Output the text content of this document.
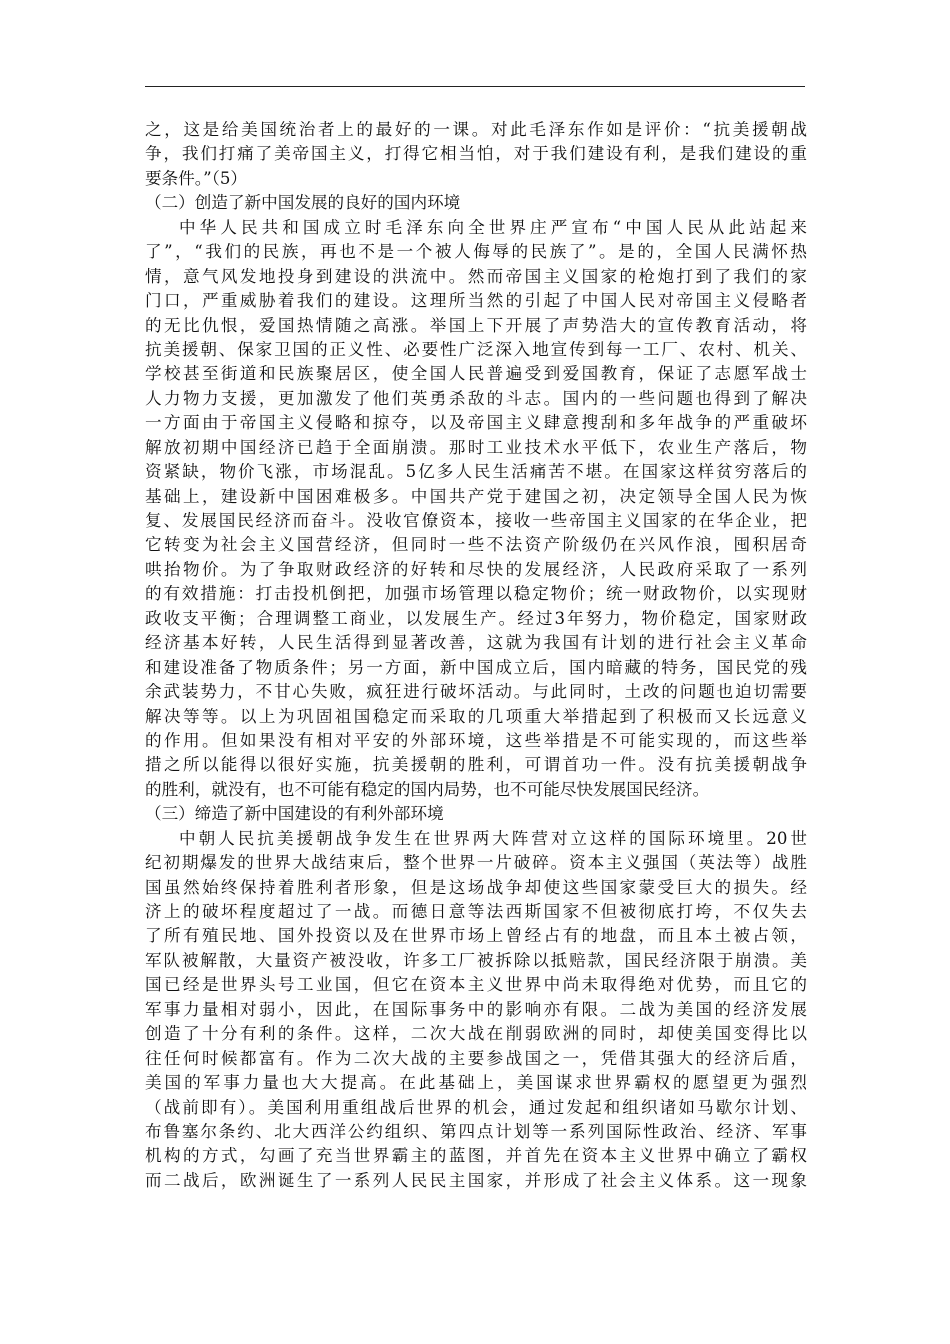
之，这是给美国统治者上的最好的一课。对此毛泽东作如是评价：“抗美援朝战
争，我们打痛了美帝国主义，打得它相当怕，对于我们建设有利，是我们建设的重
要条件。”（5）
（二）创造了新中国发展的良好的国内环境
中华人民共和国成立时毛泽东向全世界庄严宣布“中国人民从此站起来
了”，“我们的民族，再也不是一个被人侮辱的民族了”。是的，全国人民满怀热
情，意气风发地投身到建设的洪流中。然而帝国主义国家的枪炮打到了我们的家
门口，严重威胁着我们的建设。这理所当然的引起了中国人民对帝国主义侵略者
的无比仇恨，爱国热情随之高涨。举国上下开展了声势浩大的宣传教育活动，将
抗美援朝、保家卫国的正义性、必要性广泛深入地宣传到每一工厂、农村、机关、
学校甚至街道和民族聚居区，使全国人民普遍受到爱国教育，保证了志愿军战士
人力物力支援，更加激发了他们英勇杀敌的斗志。国内的一些问题也得到了解决
一方面由于帝国主义侵略和掠夺，以及帝国主义肆意搜刮和多年战争的严重破坏
解放初期中国经济已趋于全面崩溃。那时工业技术水平低下，农业生产落后，物
资紧缺，物价飞涨，市场混乱。5亿多人民生活痛苦不堪。在国家这样贫穷落后的
基础上，建设新中国困难极多。中国共产党于建国之初，决定领导全国人民为恢
复、发展国民经济而奋斗。没收官僚资本，接收一些帝国主义国家的在华企业，把
它转变为社会主义国营经济，但同时一些不法资产阶级仍在兴风作浪，囤积居奇
哄抬物价。为了争取财政经济的好转和尽快的发展经济，人民政府采取了一系列
的有效措施：打击投机倒把，加强市场管理以稳定物价；统一财政物价，以实现财
政收支平衡；合理调整工商业，以发展生产。经过3年努力，物价稳定，国家财政
经济基本好转，人民生活得到显著改善，这就为我国有计划的进行社会主义革命
和建设准备了物质条件；另一方面，新中国成立后，国内暗藏的特务，国民党的残
余武装势力，不甘心失败，疯狂进行破坏活动。与此同时，土改的问题也迫切需要
解决等等。以上为巩固祖国稳定而采取的几项重大举措起到了积极而又长远意义
的作用。但如果没有相对平安的外部环境，这些举措是不可能实现的，而这些举
措之所以能得以很好实施，抗美援朝的胜利，可谓首功一件。没有抗美援朝战争
的胜利，就没有，也不可能有稳定的国内局势，也不可能尽快发展国民经济。
（三）缔造了新中国建设的有利外部环境
中朝人民抗美援朝战争发生在世界两大阵营对立这样的国际环境里。20世
纪初期爆发的世界大战结束后，整个世界一片破碎。资本主义强国（英法等）战胜
国虽然始终保持着胜利者形象，但是这场战争却使这些国家蒙受巨大的损失。经
济上的破坏程度超过了一战。而德日意等法西斯国家不但被彻底打垮，不仅失去
了所有殖民地、国外投资以及在世界市场上曾经占有的地盘，而且本土被占领，
军队被解散，大量资产被没收，许多工厂被拆除以抵赔款，国民经济限于崩溃。美
国已经是世界头号工业国，但它在资本主义世界中尚未取得绝对优势，而且它的
军事力量相对弱小，因此，在国际事务中的影响亦有限。二战为美国的经济发展
创造了十分有利的条件。这样，二次大战在削弱欧洲的同时，却使美国变得比以
往任何时候都富有。作为二次大战的主要参战国之一，凭借其强大的经济后盾，
美国的军事力量也大大提高。在此基础上，美国谋求世界霸权的愿望更为强烈
（战前即有）。美国利用重组战后世界的机会，通过发起和组织诸如马歇尔计划、
布鲁塞尔条约、北大西洋公约组织、第四点计划等一系列国际性政治、经济、军事
机构的方式，勾画了充当世界霸主的蓝图，并首先在资本主义世界中确立了霸权
而二战后，欧洲诞生了一系列人民民主国家，并形成了社会主义体系。这一现象
